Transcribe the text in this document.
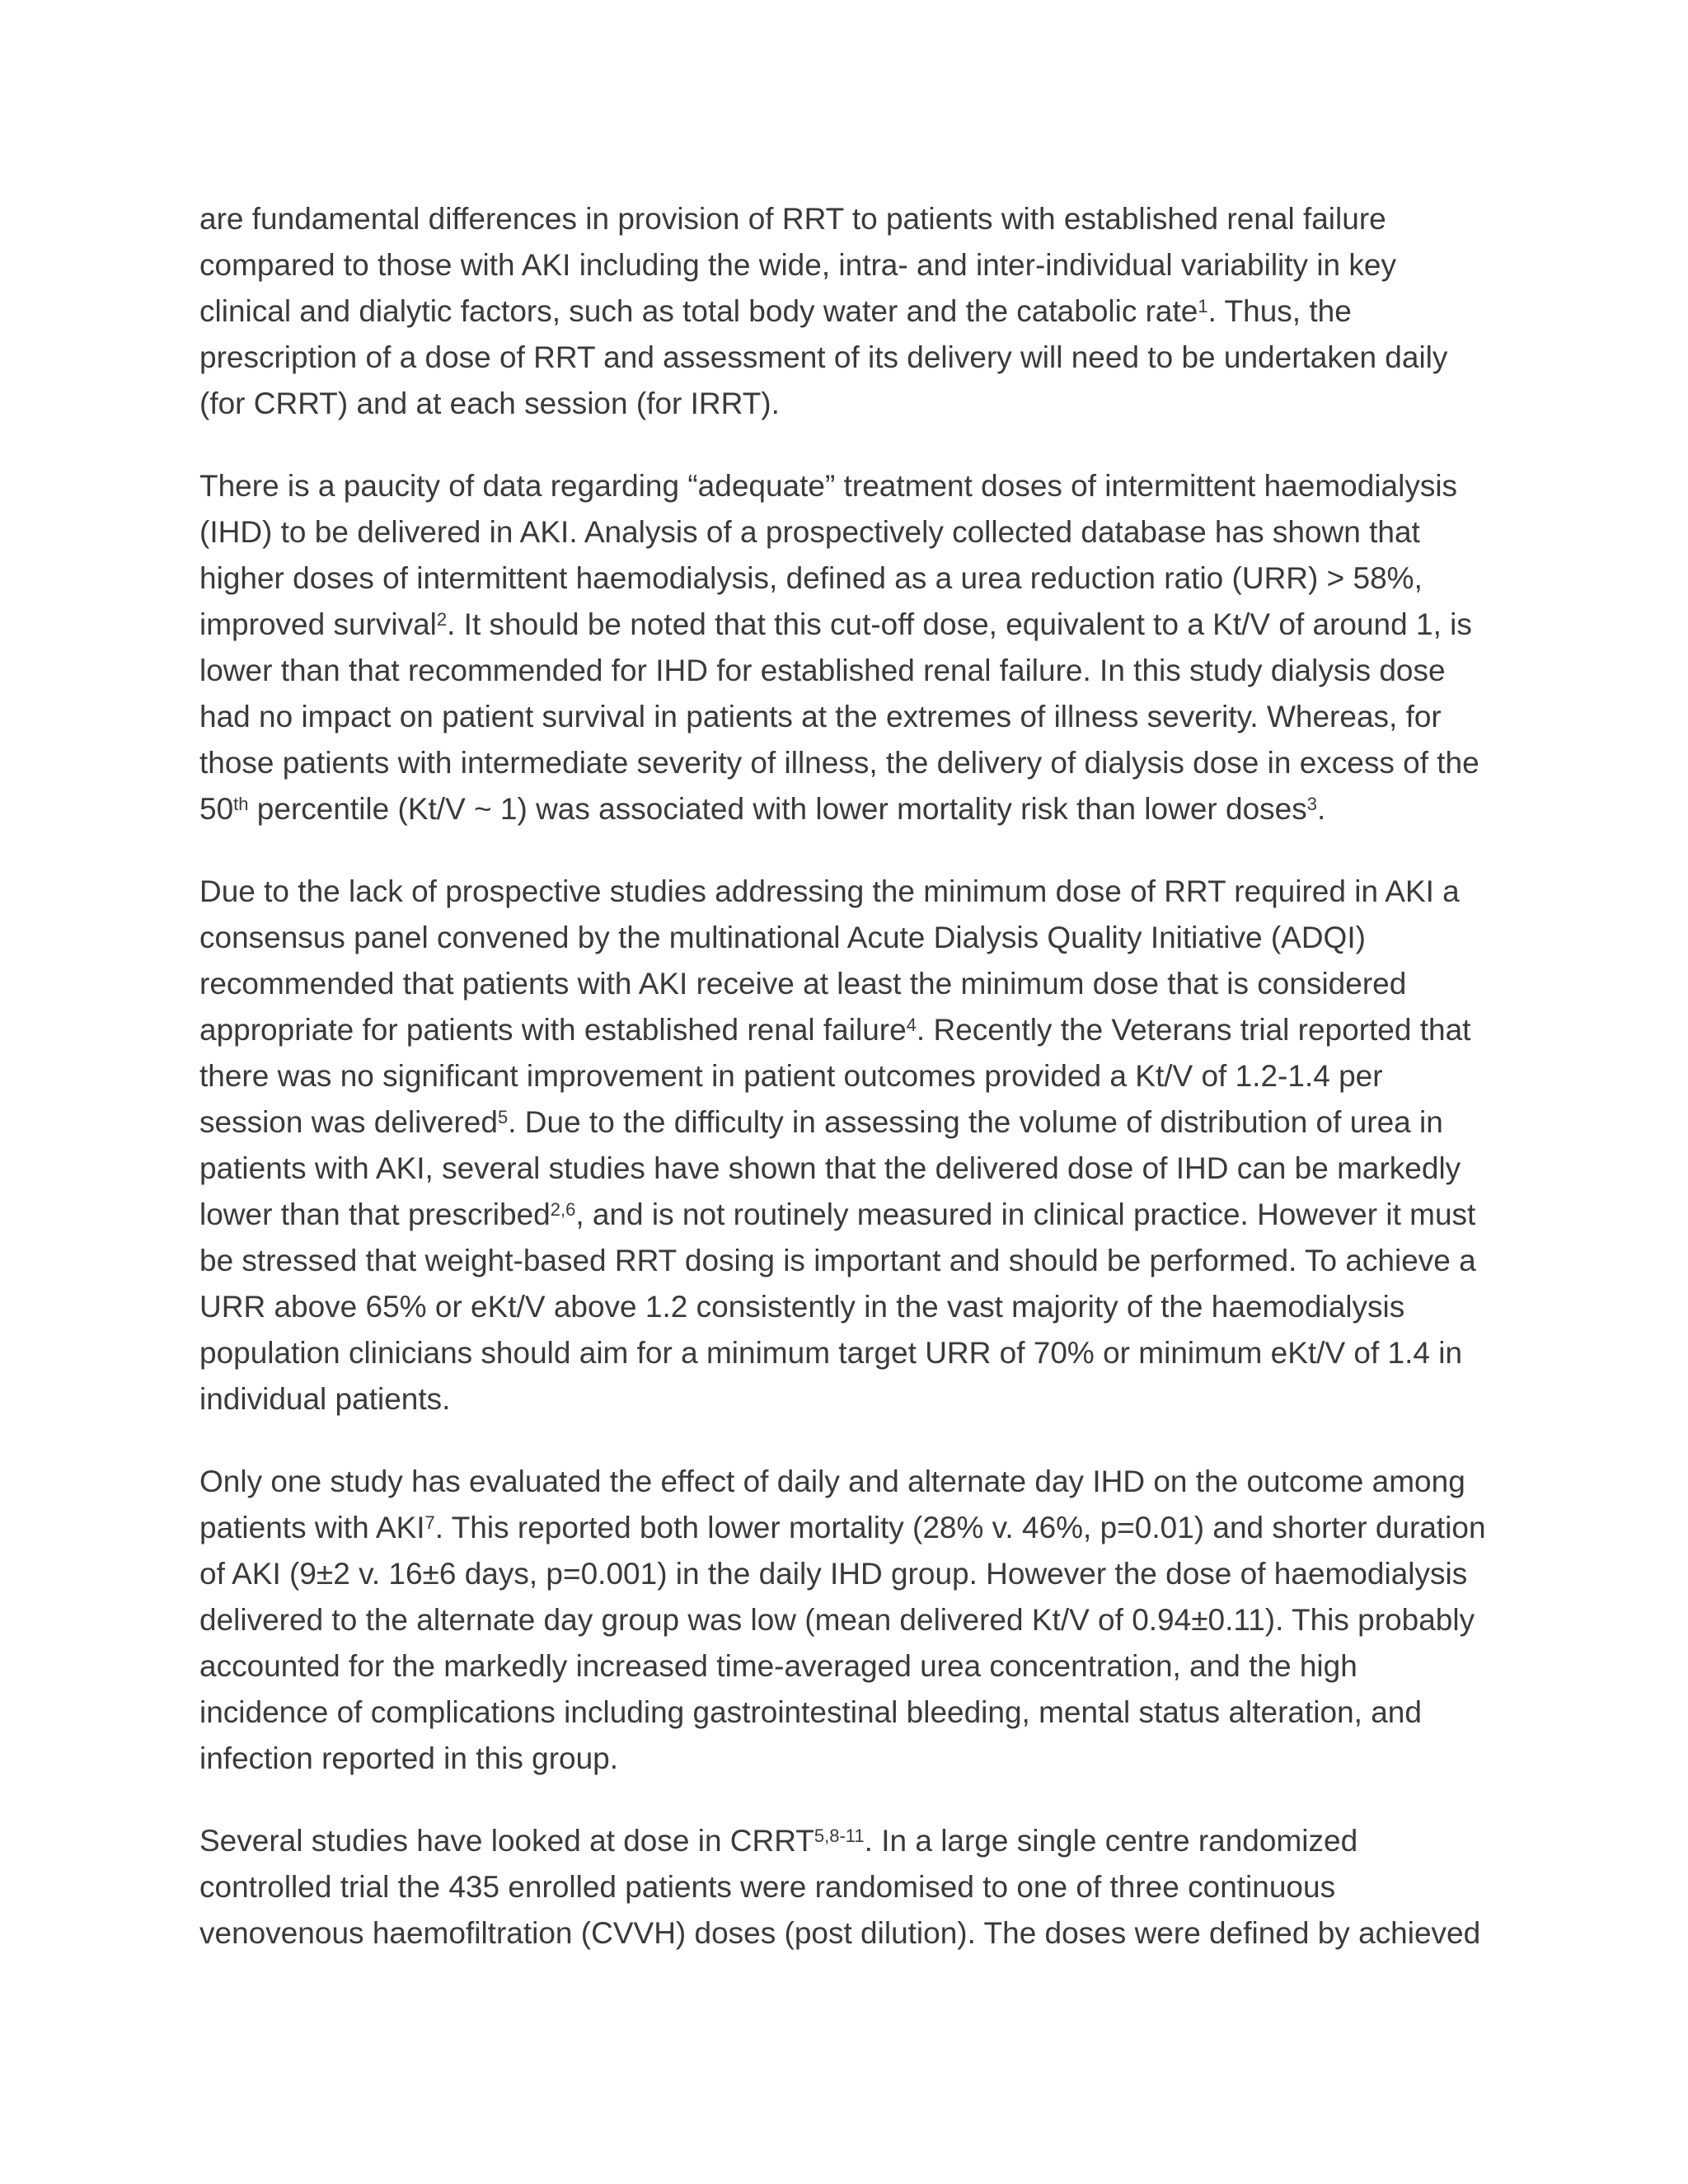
are fundamental differences in provision of RRT to patients with established renal failure compared to those with AKI including the wide, intra- and inter-individual variability in key clinical and dialytic factors, such as total body water and the catabolic rate$^1$. Thus, the prescription of a dose of RRT and assessment of its delivery will need to be undertaken daily (for CRRT) and at each session (for IRRT).

There is a paucity of data regarding “adequate” treatment doses of intermittent haemodialysis (IHD) to be delivered in AKI. Analysis of a prospectively collected database has shown that higher doses of intermittent haemodialysis, defined as a urea reduction ratio (URR) > 58%, improved survival$^2$. It should be noted that this cut-off dose, equivalent to a Kt/V of around 1, is lower than that recommended for IHD for established renal failure. In this study dialysis dose had no impact on patient survival in patients at the extremes of illness severity. Whereas, for those patients with intermediate severity of illness, the delivery of dialysis dose in excess of the 50th percentile (Kt/V ~ 1) was associated with lower mortality risk than lower doses$^3$.

Due to the lack of prospective studies addressing the minimum dose of RRT required in AKI a consensus panel convened by the multinational Acute Dialysis Quality Initiative (ADQI) recommended that patients with AKI receive at least the minimum dose that is considered appropriate for patients with established renal failure$^4$. Recently the Veterans trial reported that there was no significant improvement in patient outcomes provided a Kt/V of 1.2-1.4 per session was delivered$^5$. Due to the difficulty in assessing the volume of distribution of urea in patients with AKI, several studies have shown that the delivered dose of IHD can be markedly lower than that prescribed$^{2,6}$, and is not routinely measured in clinical practice. However it must be stressed that weight-based RRT dosing is important and should be performed. To achieve a URR above 65% or eKt/V above 1.2 consistently in the vast majority of the haemodialysis population clinicians should aim for a minimum target URR of 70% or minimum eKt/V of 1.4 in individual patients.

Only one study has evaluated the effect of daily and alternate day IHD on the outcome among patients with AKI$^7$. This reported both lower mortality (28% v. 46%, p=0.01) and shorter duration of AKI (9±2 v. 16±6 days, p=0.001) in the daily IHD group. However the dose of haemodialysis delivered to the alternate day group was low (mean delivered Kt/V of 0.94±0.11). This probably accounted for the markedly increased time-averaged urea concentration, and the high incidence of complications including gastrointestinal bleeding, mental status alteration, and infection reported in this group.

Several studies have looked at dose in CRRT$^{5,8-11}$. In a large single centre randomized controlled trial the 435 enrolled patients were randomised to one of three continuous venovenous haemofiltration (CVVH) doses (post dilution). The doses were defined by achieved
